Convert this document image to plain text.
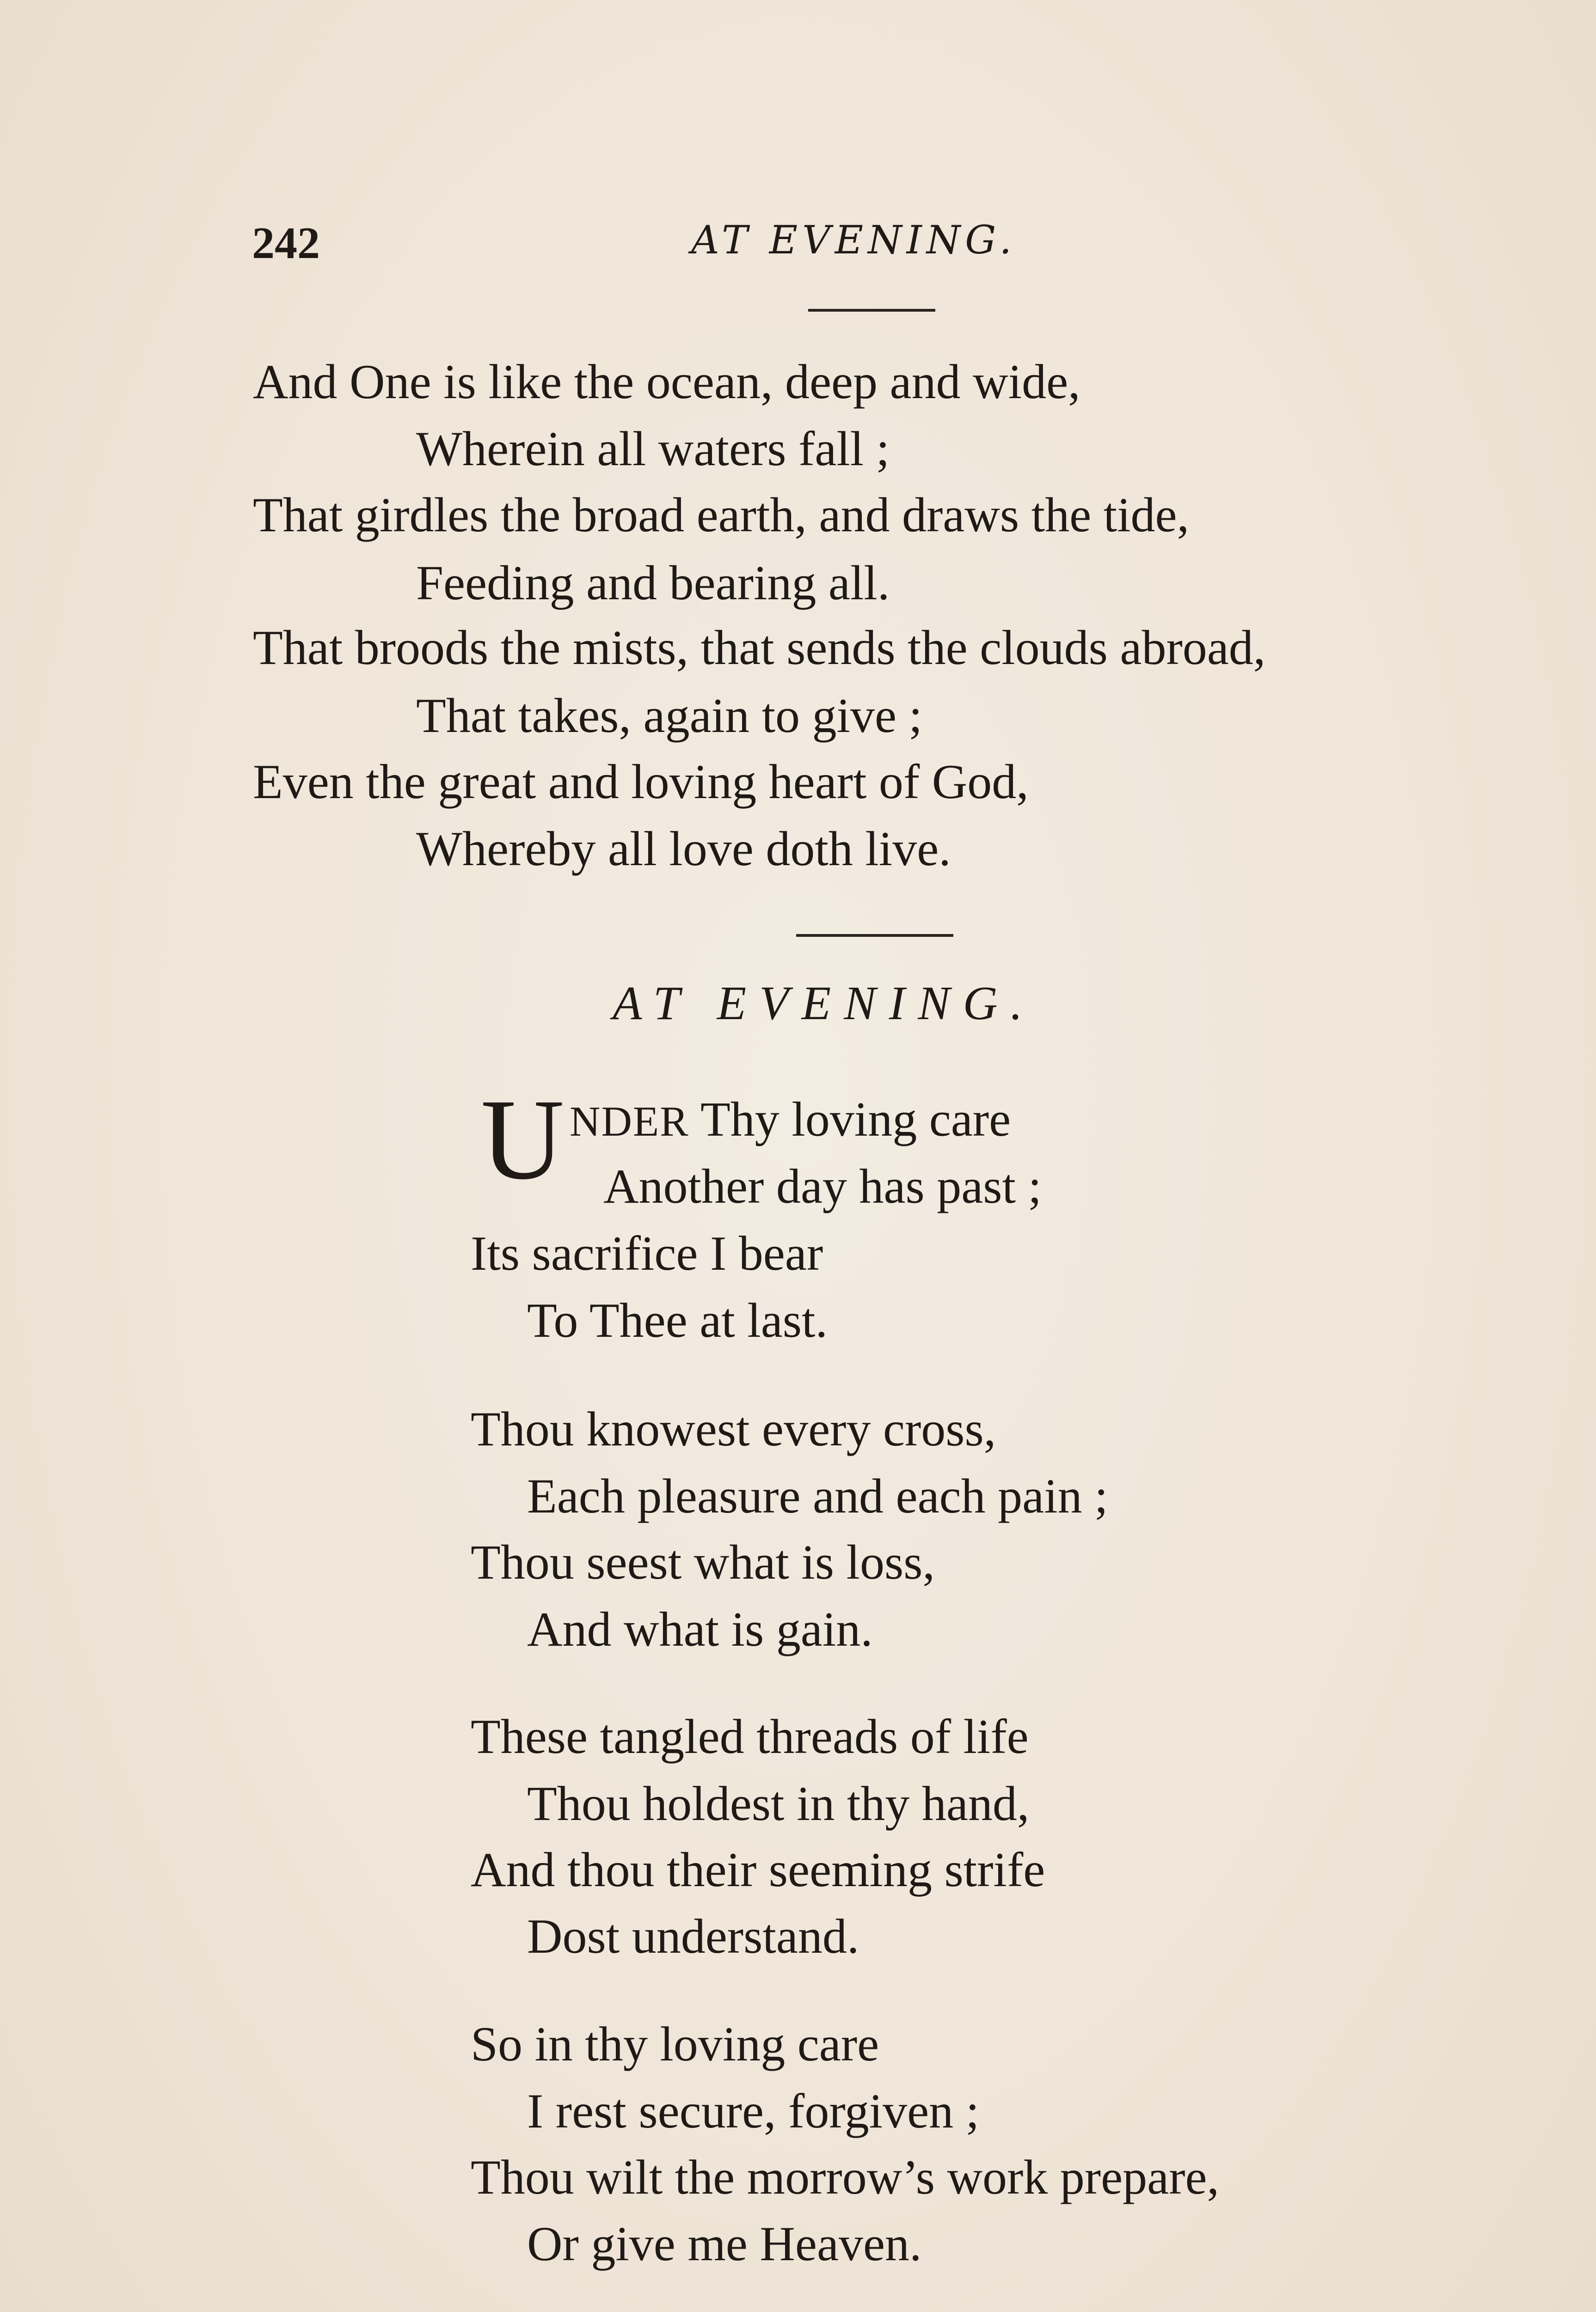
242	AT EVENING.
And One is like the ocean, deep and wide,
Wherein all waters fall ;
That girdles the broad earth, and draws the tide,
Feeding and bearing all.
That broods the mists, that sends the clouds abroad,
That takes, again to give ;
Even the great and loving heart of God,
Whereby all love doth live.
AT EVENING.
U NDER Thy loving care
Another day has past ;
Its sacrifice I bear
To Thee at last.
Thou knowest every cross,
Each pleasure and each pain ;
Thou seest what is loss,
And what is gain.
These tangled threads of life
Thou holdest in thy hand,
And thou their seeming strife
Dost understand.
So in thy loving care
I rest secure, forgiven ;
Thou wilt the morrow’s work prepare,
Or give me Heaven.
